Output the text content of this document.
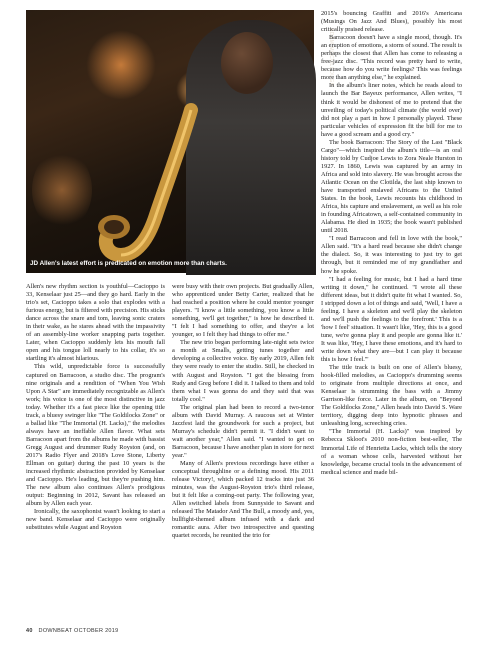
ADAM MCCULLOUGH
JD Allen's latest effort is predicated on emotion more than charts.

Allen's new rhythm section is youthful—Cacioppo is 33, Kenselaar just 25—and they go hard. Early in the trio's set, Cacioppo takes a solo that explodes with a furious energy, but is filtered with precision. His sticks dance across the snare and tom, leaving sonic craters in their wake, as he stares ahead with the impassivity of an assembly-line worker snapping parts together. Later, when Cacioppo suddenly lets his mouth fall open and his tongue loll nearly to his collar, it's so startling it's almost hilarious.

This wild, unpredictable force is successfully captured on Barracoon, a studio disc. The program's nine originals and a rendition of "When You Wish Upon A Star" are immediately recognizable as Allen's work; his voice is one of the most distinctive in jazz today. Whether it's a fast piece like the opening title track, a bluesy swinger like "The Goldilocks Zone" or a ballad like "The Immortal (H. Lacks)," the melodies always have an ineffable Allen flavor. What sets Barracoon apart from the albums he made with bassist Gregg August and drummer Rudy Royston (and, on 2017's Radio Flyer and 2018's Love Stone, Liberty Ellman on guitar) during the past 10 years is the increased rhythmic abstraction provided by Kenselaar and Cacioppo. He's leading, but they're pushing him. The new album also continues Allen's prodigious output: Beginning in 2012, Savant has released an album by Allen each year.

Ironically, the saxophonist wasn't looking to start a new band. Kenselaar and Cacioppo were originally substitutes while August and Royston

were busy with their own projects. But gradually Allen, who apprenticed under Betty Carter, realized that he had reached a position where he could mentor younger players. "I know a little something, you know a little something, we'll get together," is how he described it. "I felt I had something to offer, and they're a lot younger, so I felt they had things to offer me."

The new trio began performing late-night sets twice a month at Smalls, getting tunes together and developing a collective voice. By early 2019, Allen felt they were ready to enter the studio. Still, he checked in with August and Royston. "I got the blessing from Rudy and Greg before I did it. I talked to them and told them what I was gonna do and they said that was totally cool."

The original plan had been to record a two-tenor album with David Murray. A raucous set at Winter Jazzfest laid the groundwork for such a project, but Murray's schedule didn't permit it. "I didn't want to wait another year," Allen said. "I wanted to get on Barracoon, because I have another plan in store for next year."

Many of Allen's previous recordings have either a conceptual throughline or a defining mood. His 2011 release Victory!, which packed 12 tracks into just 36 minutes, was the August-Royston trio's third release, but it felt like a coming-out party. The following year, Allen switched labels from Sunnyside to Savant and released The Matador And The Bull, a moody and, yes, bullfight-themed album infused with a dark and romantic aura. After two introspective and questing quartet records, he reunited the trio for

2015's bouncing Graffiti and 2016's Americana (Musings On Jazz And Blues), possibly his most critically praised release.

Barracoon doesn't have a single mood, though. It's an eruption of emotions, a storm of sound. The result is perhaps the closest that Allen has come to releasing a free-jazz disc. "This record was pretty hard to write, because how do you write feelings? This was feelings more than anything else," he explained.

In the album's liner notes, which he reads aloud to launch the Bar Bayeux performance, Allen writes, "I think it would be dishonest of me to pretend that the unveiling of today's political climate (the world over) did not play a part in how I personally played. These particular vehicles of expression fit the bill for me to have a good scream and a good cry."

The book Barracoon: The Story of the Last "Black Cargo"—which inspired the album's title—is an oral history told by Cudjoe Lewis to Zora Neale Hurston in 1927. In 1860, Lewis was captured by an army in Africa and sold into slavery. He was brought across the Atlantic Ocean on the Clotilda, the last ship known to have transported enslaved Africans to the United States. In the book, Lewis recounts his childhood in Africa, his capture and enslavement, as well as his role in founding Africatown, a self-contained community in Alabama. He died in 1935; the book wasn't published until 2018.

"I read Barracoon and fell in love with the book," Allen said. "It's a hard read because she didn't change the dialect. So, it was interesting to just try to get through, but it reminded me of my grandfather and how he spoke.

"I had a feeling for music, but I had a hard time writing it down," he continued. "I wrote all these different ideas, but it didn't quite fit what I wanted. So, I stripped down a lot of things and said, 'Well, I have a feeling. I have a skeleton and we'll play the skeleton and we'll push the feelings to the forefront.' This is a 'how I feel' situation. It wasn't like, 'Hey, this is a good tune, we're gonna play it and people are gonna like it.' It was like, 'Hey, I have these emotions, and it's hard to write down what they are—but I can play it because this is how I feel.'"

The title track is built on one of Allen's bluesy, hook-filled melodies, as Cacioppo's drumming seems to originate from multiple directions at once, and Kenselaar is strumming the bass with a Jimmy Garrison-like force. Later in the album, on "Beyond The Goldilocks Zone," Allen heads into David S. Ware territory, digging deep into hypnotic phrases and unleashing long, screeching cries.

"The Immortal (H. Lacks)" was inspired by Rebecca Skloot's 2010 non-fiction best-seller, The Immortal Life of Henrietta Lacks, which tells the story of a woman whose cells, harvested without her knowledge, became crucial tools in the advancement of medical science and made bil-

40 DOWNBEAT OCTOBER 2019
